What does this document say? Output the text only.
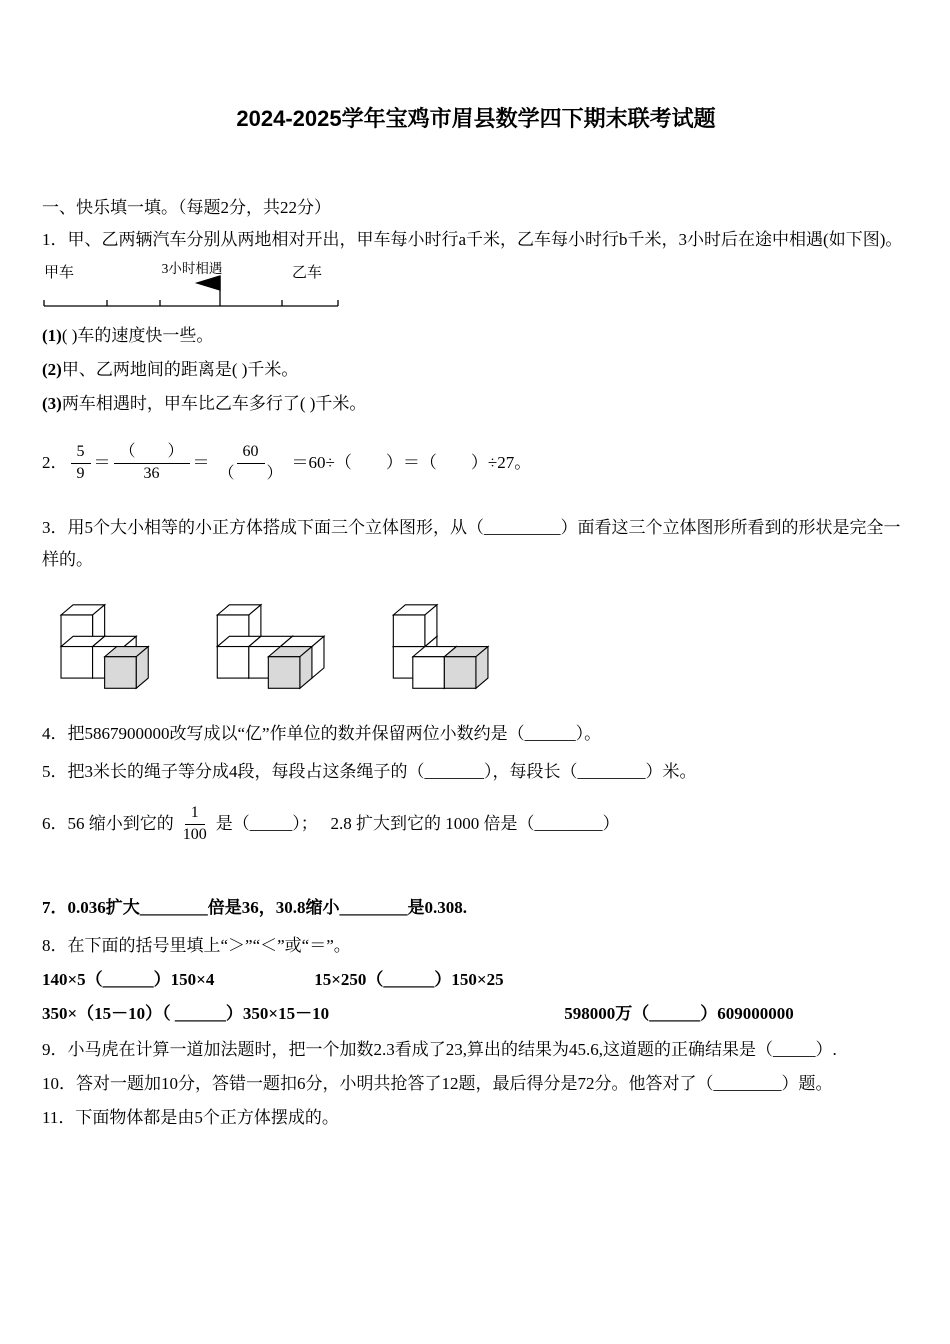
2024-2025学年宝鸡市眉县数学四下期末联考试题
一、快乐填一填。（每题2分，共22分）
1．甲、乙两辆汽车分别从两地相对开出，甲车每小时行a千米，乙车每小时行b千米，3小时后在途中相遇(如下图)。
甲车	乙车
3小时相遇
(1)( )车的速度快一些。
(2)甲、乙两地间的距离是( )千米。
(3)两车相遇时，甲车比乙车多行了( )千米。
2． $\frac{5}{9} = \frac{( )}{36} = \frac{60}{( )} =60\div$（　　）＝（　　）÷27。
3．用5个大小相等的小正方体搭成下面三个立体图形，从（_________）面看这三个立体图形所看到的形状是完全一样的。
4．把5867900000改写成以“亿”作单位的数并保留两位小数约是（______）。
5．把3米长的绳子等分成4段，每段占这条绳子的（_______），每段长（________）米。
6．56 缩小到它的 $\frac{1}{100}$ 是（_____）；　 2.8 扩大到它的 1000 倍是（________）
7．0.036扩大________倍是36，30.8缩小________是0.308.
8．在下面的括号里填上“＞”“＜”或“＝”。
140×5（______）150×4	15×250（______）150×25
350×（15－10）（ ______）350×15－10	598000万（______）609000000
9．小马虎在计算一道加法题时，把一个加数2.3看成了23,算出的结果为45.6,这道题的正确结果是（_____）.
10．答对一题加10分，答错一题扣6分，小明共抢答了12题，最后得分是72分。他答对了（________）题。
11．下面物体都是由5个正方体摆成的。
